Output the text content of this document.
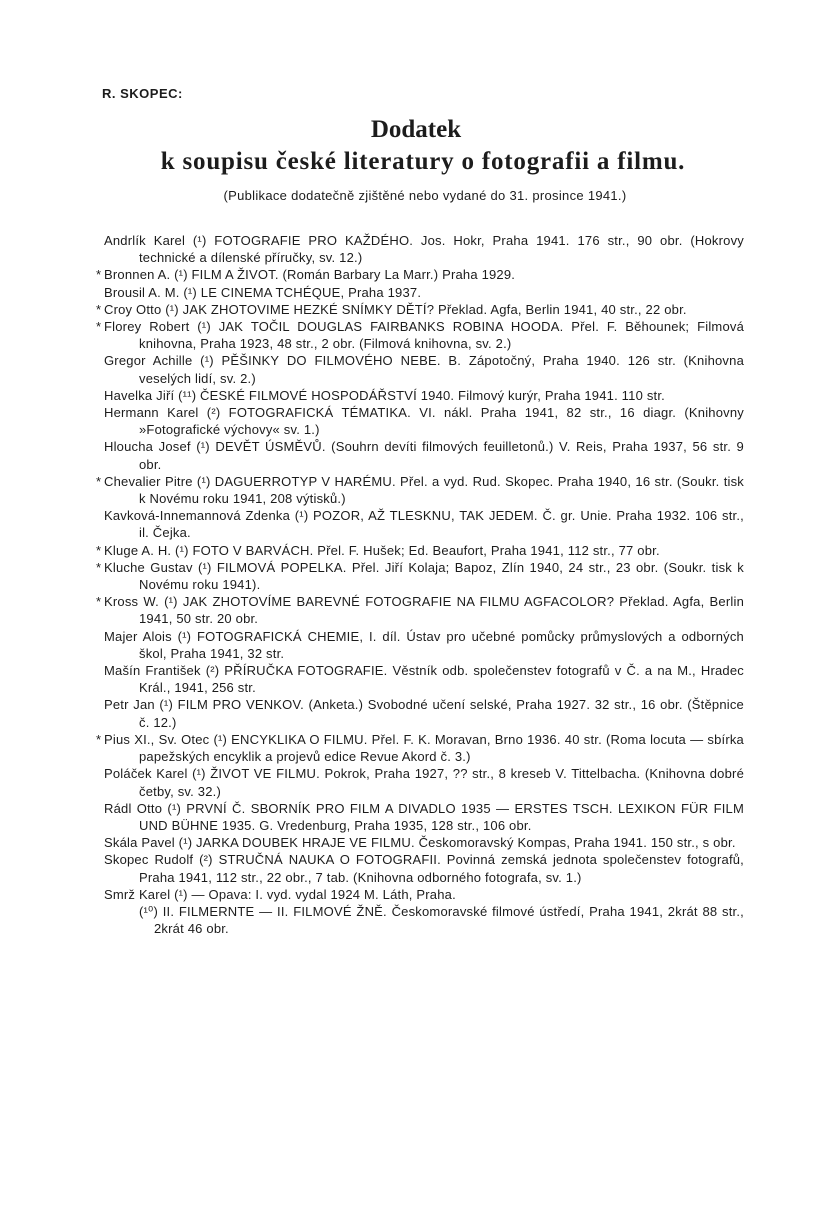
R. SKOPEC:
Dodatek
k soupisu české literatury o fotografii a filmu.
(Publikace dodatečně zjištěné nebo vydané do 31. prosince 1941.)

Andrlík Karel (¹) FOTOGRAFIE PRO KAŽDÉHO. Jos. Hokr, Praha 1941. 176 str., 90 obr. (Hokrovy technické a dílenské příručky, sv. 12.)

* Bronnen A. (¹) FILM A ŽIVOT. (Román Barbary La Marr.) Praha 1929.

Brousil A. M. (¹) LE CINEMA TCHÉQUE, Praha 1937.

* Croy Otto (¹) JAK ZHOTOVIME HEZKÉ SNÍMKY DĚTÍ? Překlad. Agfa, Berlin 1941, 40 str., 22 obr.

* Florey Robert (¹) JAK TOČIL DOUGLAS FAIRBANKS ROBINA HOODA. Přel. F. Běhounek; Filmová knihovna, Praha 1923, 48 str., 2 obr. (Filmová knihovna, sv. 2.)

Gregor Achille (¹) PĚŠINKY DO FILMOVÉHO NEBE. B. Zápotočný, Praha 1940. 126 str. (Knihovna veselých lidí, sv. 2.)

Havelka Jiří (¹¹) ČESKÉ FILMOVÉ HOSPODÁŘSTVÍ 1940. Filmový kurýr, Praha 1941. 110 str.

Hermann Karel (²) FOTOGRAFICKÁ TÉMATIKA. VI. nákl. Praha 1941, 82 str., 16 diagr. (Knihovny »Fotografické výchovy« sv. 1.)

Hloucha Josef (¹) DEVĚT ÚSMĚVŮ. (Souhrn devíti filmových feuilletonů.) V. Reis, Praha 1937, 56 str. 9 obr.

* Chevalier Pitre (¹) DAGUERROTYP V HARÉMU. Přel. a vyd. Rud. Skopec. Praha 1940, 16 str. (Soukr. tisk k Novému roku 1941, 208 výtisků.)

Kavková-Innemannová Zdenka (¹) POZOR, AŽ TLESKNU, TAK JEDEM. Č. gr. Unie. Praha 1932. 106 str., il. Čejka.

* Kluge A. H. (¹) FOTO V BARVÁCH. Přel. F. Hušek; Ed. Beaufort, Praha 1941, 112 str., 77 obr.

* Kluche Gustav (¹) FILMOVÁ POPELKA. Přel. Jiří Kolaja; Bapoz, Zlín 1940, 24 str., 23 obr. (Soukr. tisk k Novému roku 1941).

* Kross W. (¹) JAK ZHOTOVÍME BAREVNÉ FOTOGRAFIE NA FILMU AGFACOLOR? Překlad. Agfa, Berlin 1941, 50 str. 20 obr.

Majer Alois (¹) FOTOGRAFICKÁ CHEMIE, I. díl. Ústav pro učebné pomůcky průmyslových a odborných škol, Praha 1941, 32 str.

Mašín František (²) PŘÍRUČKA FOTOGRAFIE. Věstník odb. společenstev fotografů v Č. a na M., Hradec Král., 1941, 256 str.

Petr Jan (¹) FILM PRO VENKOV. (Anketa.) Svobodné učení selské, Praha 1927. 32 str., 16 obr. (Štěpnice č. 12.)

* Pius XI., Sv. Otec (¹) ENCYKLIKA O FILMU. Přel. F. K. Moravan, Brno 1936. 40 str. (Roma locuta — sbírka papežských encyklik a projevů edice Revue Akord č. 3.)

Poláček Karel (¹) ŽIVOT VE FILMU. Pokrok, Praha 1927, ?? str., 8 kreseb V. Tittelbacha. (Knihovna dobré četby, sv. 32.)

Rádl Otto (¹) PRVNÍ Č. SBORNÍK PRO FILM A DIVADLO 1935 — ERSTES TSCH. LEXIKON FÜR FILM UND BÜHNE 1935. G. Vredenburg, Praha 1935, 128 str., 106 obr.

Skála Pavel (¹) JARKA DOUBEK HRAJE VE FILMU. Českomoravský Kompas, Praha 1941. 150 str., s obr.

Skopec Rudolf (²) STRUČNÁ NAUKA O FOTOGRAFII. Povinná zemská jednota společenstev fotografů, Praha 1941, 112 str., 22 obr., 7 tab. (Knihovna odborného fotografa, sv. 1.)

Smrž Karel (¹) — Opava: I. vyd. vydal 1924 M. Láth, Praha.

(¹⁰) II. FILMERNTE — II. FILMOVÉ ŽNĚ. Českomoravské filmové ústředí, Praha 1941, 2krát 88 str., 2krát 46 obr.
